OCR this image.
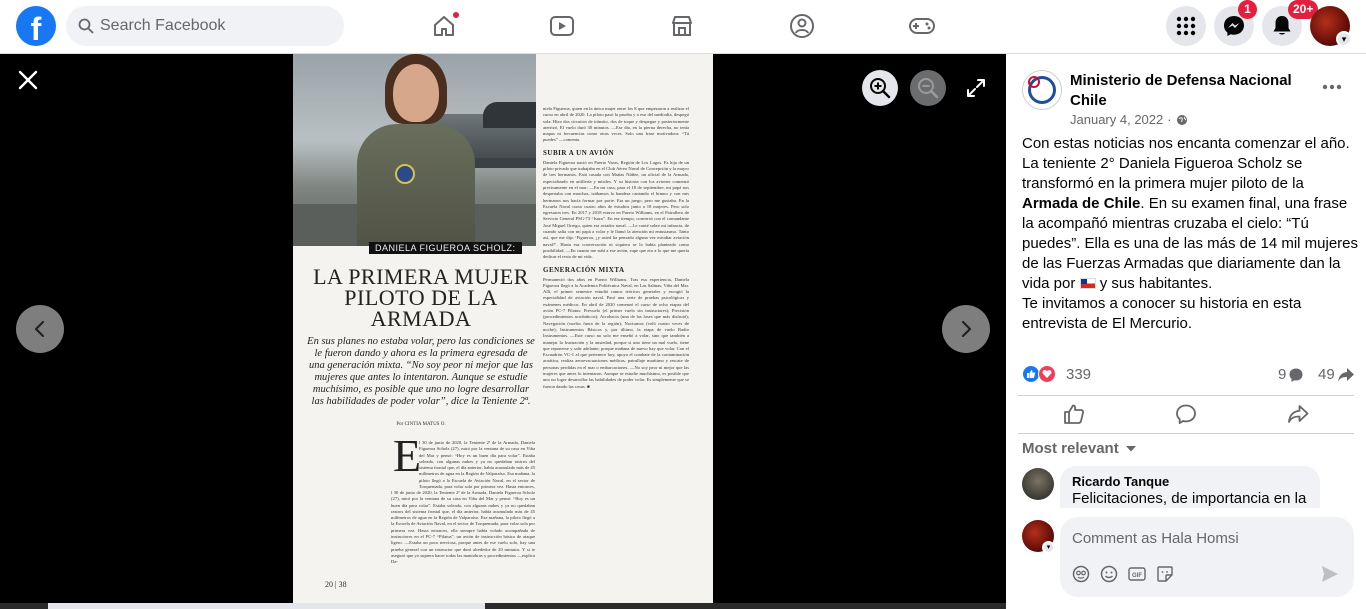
f
Search Facebook
1	20+
▾
DANIELA FIGUEROA SCHOLZ:
LA PRIMERA MUJER PILOTO DE LA ARMADA
En sus planes no estaba volar, pero las condiciones se le fueron dando y ahora es la primera egresada de una generación mixta. “No soy peor ni mejor que las mujeres que antes lo intentaron. Aunque se estudie muchísimo, es posible que uno no logre desarrollar las habilidades de poder volar”, dice la Teniente 2ª.
Por CINTIA MATUS O.
E
l 30 de junio de 2020, la Teniente 2ª de la Armada, Daniela Figueroa Scholz (27), miró por la ventana de su casa en Viña del Mar y pensó: “Hoy es un buen día para volar”. Estaba soleado, con algunas nubes y ya no quedaban rastros del sistema frontal que, el día anterior, había acumulado más de 45 milímetros de agua en la Región de Valparaíso. Esa mañana, la piloto llegó a la Escuela de Aviación Naval, en el sector de Torquemada, para volar sola por primera vez. Hasta entonces,
l 30 de junio de 2020, la Teniente 2ª de la Armada, Daniela Figueroa Scholz (27), miró por la ventana de su casa en Viña del Mar y pensó: “Hoy es un buen día para volar”. Estaba soleado, con algunas nubes y ya no quedaban rastros del sistema frontal que, el día anterior, había acumulado más de 45 milímetros de agua en la Región de Valparaíso. Esa mañana, la piloto llegó a la Escuela de Aviación Naval, en el sector de Torquemada, para volar sola por primera vez. Hasta entonces, ella siempre había volado acompañada de instructores en el PC-7 “Pilatus”, un avión de instrucción básica de ataque ligero. —Estaba un poco nerviosa, porque antes de ese vuelo solo, hay una prueba general con un instructor que duró alrededor de 20 minutos. Y si te aseguró que yo supiera hacer todas las maniobras y procedimientos —explica Da-

niela Figueroa, quien en la única mujer entre los 8 que empezaron a realizar el curso en abril de 2020. La piloto pasó la prueba y a eso del mediodía, despegó sola. Hizo dos circuitos de tránsito, dos de toque y despegue y posteriormente aterrizó. El vuelo duró 30 minutos. —Ese día, en la pierna derecha, no tenía mapas ni frecuencias como otras veces. Solo una frase motivadora: “Tú puedes” —comenta.

SUBIR A UN AVIÓN

Daniela Figueroa nació en Puerto Varas, Región de Los Lagos. Es hija de un piloto privado que trabajaba en el Club Aéreo Naval de Concepción y la mayor de tres hermanos. Está casada con Matías Núñez, un oficial de la Armada, especializado en artillería y misiles. Y su historia con los aviones comenzó precisamente en el mar: —En mi casa, para el 18 de septiembre, mi papá nos despertaba con marchas, izábamos la bandera cantando el himno y con mis hermanos nos hacía formar por porte. Era un juego, pero me gustaba. En la Escuela Naval curso cuatro años de estudios junto a 18 mujeres. Pero solo egresaron tres. En 2017 y 2018 estuvo en Puerto Williams, en el Patrullero de Servicio General PSG-73 “Isaza”. En ese tiempo, conversó con el comandante José Miguel Orrego, quien era aviador naval. —Le conté sobre mi infancia, de cuando salía con mi papá a volar y le llamó la atención mi entusiasmo. Tanto así, que me dijo ‘Figueroa, ¿y usted ha pensado alguna vez estudiar aviación naval?’. Hasta esa conversación ni siquiera se lo había planteado como posibilidad. —En cuanto me subí a ese avión, supe que era a lo que me quería dedicar el resto de mi vida.

GENERACIÓN MIXTA

Permaneció dos años en Puerto Williams. Tras esa experiencia, Daniela Figueroa llegó a la Academia Politécnica Naval, en Las Salinas, Viña del Mar. Allí, el primer semestre estudió ramos teóricos generales y escogió la especialidad de aviación naval. Pasó una serie de pruebas psicológicas y exámenes médicos. En abril de 2020 comenzó el curso de ocho etapas del avión PC-7 Pilatus: Prevuelo (el primer vuelo sin instructores); Precisión (procedimientos acrobáticos); Acrobacia (una de las fases que más disfrutó); Navegación (vuelos fuera de la región); Nocturnos (voló cuatro veces de noche); Instrumentos Básicos y, por último, la etapa de vuelo Radio Instrumentos. —Este curso no solo me enseñó a volar, sino que también a manejar la frustración y la ansiedad, porque si uno tiene un mal vuelo, tiene que reponerse y salir adelante; porque mañana de nuevo hay que volar. Con el Escuadrón VC-1 al que pertenece hoy, apoya el combate de la contaminación acuática, realiza aeroevacuaciones médicas, patrullaje marítimo y rescate de personas perdidas en el mar o embarcaciones. —No soy peor ni mejor que las mujeres que antes lo intentaron. Aunque se estudie muchísimo, es posible que uno no logre desarrollar las habilidades de poder volar. Es simplemente que se fueron dando las cosas. ■

20 | 38
Ministerio de Defensa Nacional Chile
January 4, 2022 ·
Con estas noticias nos encanta comenzar el año. La teniente 2° Daniela Figueroa Scholz se transformó en la primera mujer piloto de la Armada de Chile. En su examen final, una frase la acompañó mientras cruzaba el cielo: “Tú puedes”. Ella es una de las más de 14 mil mujeres de las Fuerzas Armadas que diariamente dan la vida por  y sus habitantes.
Te invitamos a conocer su historia en esta entrevista de El Mercurio.
339	9 49
Most relevant
Ricardo Tanque
Felicitaciones, de importancia en la
▾
Comment as Hala Homsi
GIF
